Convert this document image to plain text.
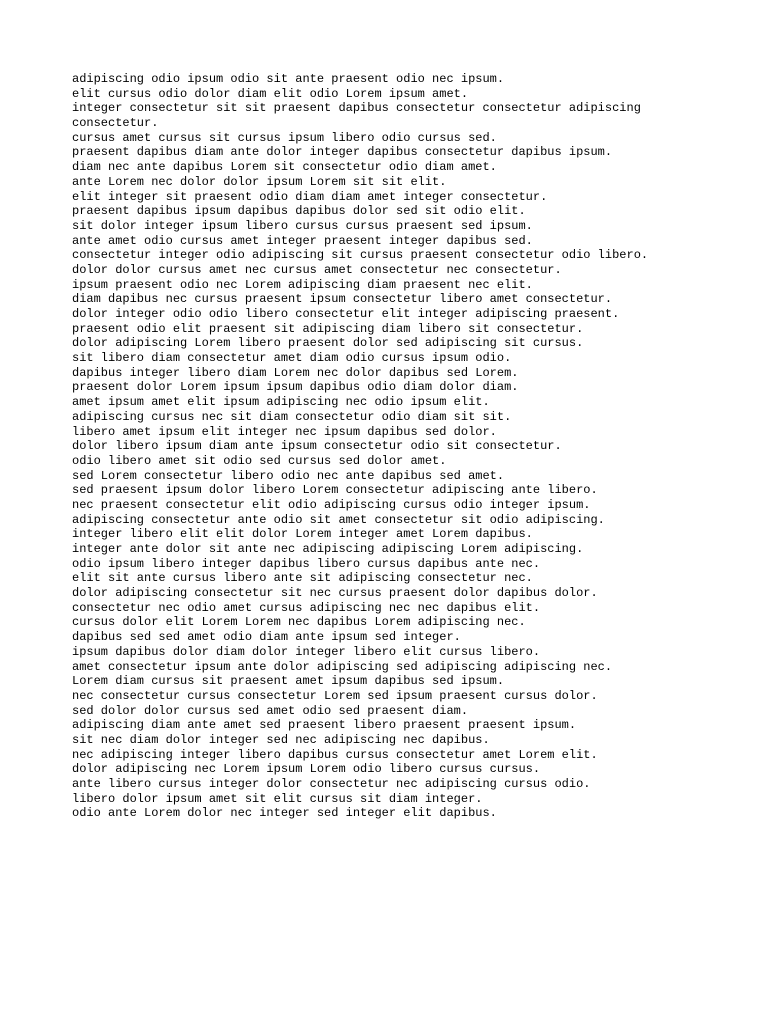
adipiscing odio ipsum odio sit ante praesent odio nec ipsum.
elit cursus odio dolor diam elit odio Lorem ipsum amet.
integer consectetur sit sit praesent dapibus consectetur consectetur adipiscing
consectetur.
cursus amet cursus sit cursus ipsum libero odio cursus sed.
praesent dapibus diam ante dolor integer dapibus consectetur dapibus ipsum.
diam nec ante dapibus Lorem sit consectetur odio diam amet.
ante Lorem nec dolor dolor ipsum Lorem sit sit elit.
elit integer sit praesent odio diam diam amet integer consectetur.
praesent dapibus ipsum dapibus dapibus dolor sed sit odio elit.
sit dolor integer ipsum libero cursus cursus praesent sed ipsum.
ante amet odio cursus amet integer praesent integer dapibus sed.
consectetur integer odio adipiscing sit cursus praesent consectetur odio libero.
dolor dolor cursus amet nec cursus amet consectetur nec consectetur.
ipsum praesent odio nec Lorem adipiscing diam praesent nec elit.
diam dapibus nec cursus praesent ipsum consectetur libero amet consectetur.
dolor integer odio odio libero consectetur elit integer adipiscing praesent.
praesent odio elit praesent sit adipiscing diam libero sit consectetur.
dolor adipiscing Lorem libero praesent dolor sed adipiscing sit cursus.
sit libero diam consectetur amet diam odio cursus ipsum odio.
dapibus integer libero diam Lorem nec dolor dapibus sed Lorem.
praesent dolor Lorem ipsum ipsum dapibus odio diam dolor diam.
amet ipsum amet elit ipsum adipiscing nec odio ipsum elit.
adipiscing cursus nec sit diam consectetur odio diam sit sit.
libero amet ipsum elit integer nec ipsum dapibus sed dolor.
dolor libero ipsum diam ante ipsum consectetur odio sit consectetur.
odio libero amet sit odio sed cursus sed dolor amet.
sed Lorem consectetur libero odio nec ante dapibus sed amet.
sed praesent ipsum dolor libero Lorem consectetur adipiscing ante libero.
nec praesent consectetur elit odio adipiscing cursus odio integer ipsum.
adipiscing consectetur ante odio sit amet consectetur sit odio adipiscing.
integer libero elit elit dolor Lorem integer amet Lorem dapibus.
integer ante dolor sit ante nec adipiscing adipiscing Lorem adipiscing.
odio ipsum libero integer dapibus libero cursus dapibus ante nec.
elit sit ante cursus libero ante sit adipiscing consectetur nec.
dolor adipiscing consectetur sit nec cursus praesent dolor dapibus dolor.
consectetur nec odio amet cursus adipiscing nec nec dapibus elit.
cursus dolor elit Lorem Lorem nec dapibus Lorem adipiscing nec.
dapibus sed sed amet odio diam ante ipsum sed integer.
ipsum dapibus dolor diam dolor integer libero elit cursus libero.
amet consectetur ipsum ante dolor adipiscing sed adipiscing adipiscing nec.
Lorem diam cursus sit praesent amet ipsum dapibus sed ipsum.
nec consectetur cursus consectetur Lorem sed ipsum praesent cursus dolor.
sed dolor dolor cursus sed amet odio sed praesent diam.
adipiscing diam ante amet sed praesent libero praesent praesent ipsum.
sit nec diam dolor integer sed nec adipiscing nec dapibus.
nec adipiscing integer libero dapibus cursus consectetur amet Lorem elit.
dolor adipiscing nec Lorem ipsum Lorem odio libero cursus cursus.
ante libero cursus integer dolor consectetur nec adipiscing cursus odio.
libero dolor ipsum amet sit elit cursus sit diam integer.
odio ante Lorem dolor nec integer sed integer elit dapibus.
